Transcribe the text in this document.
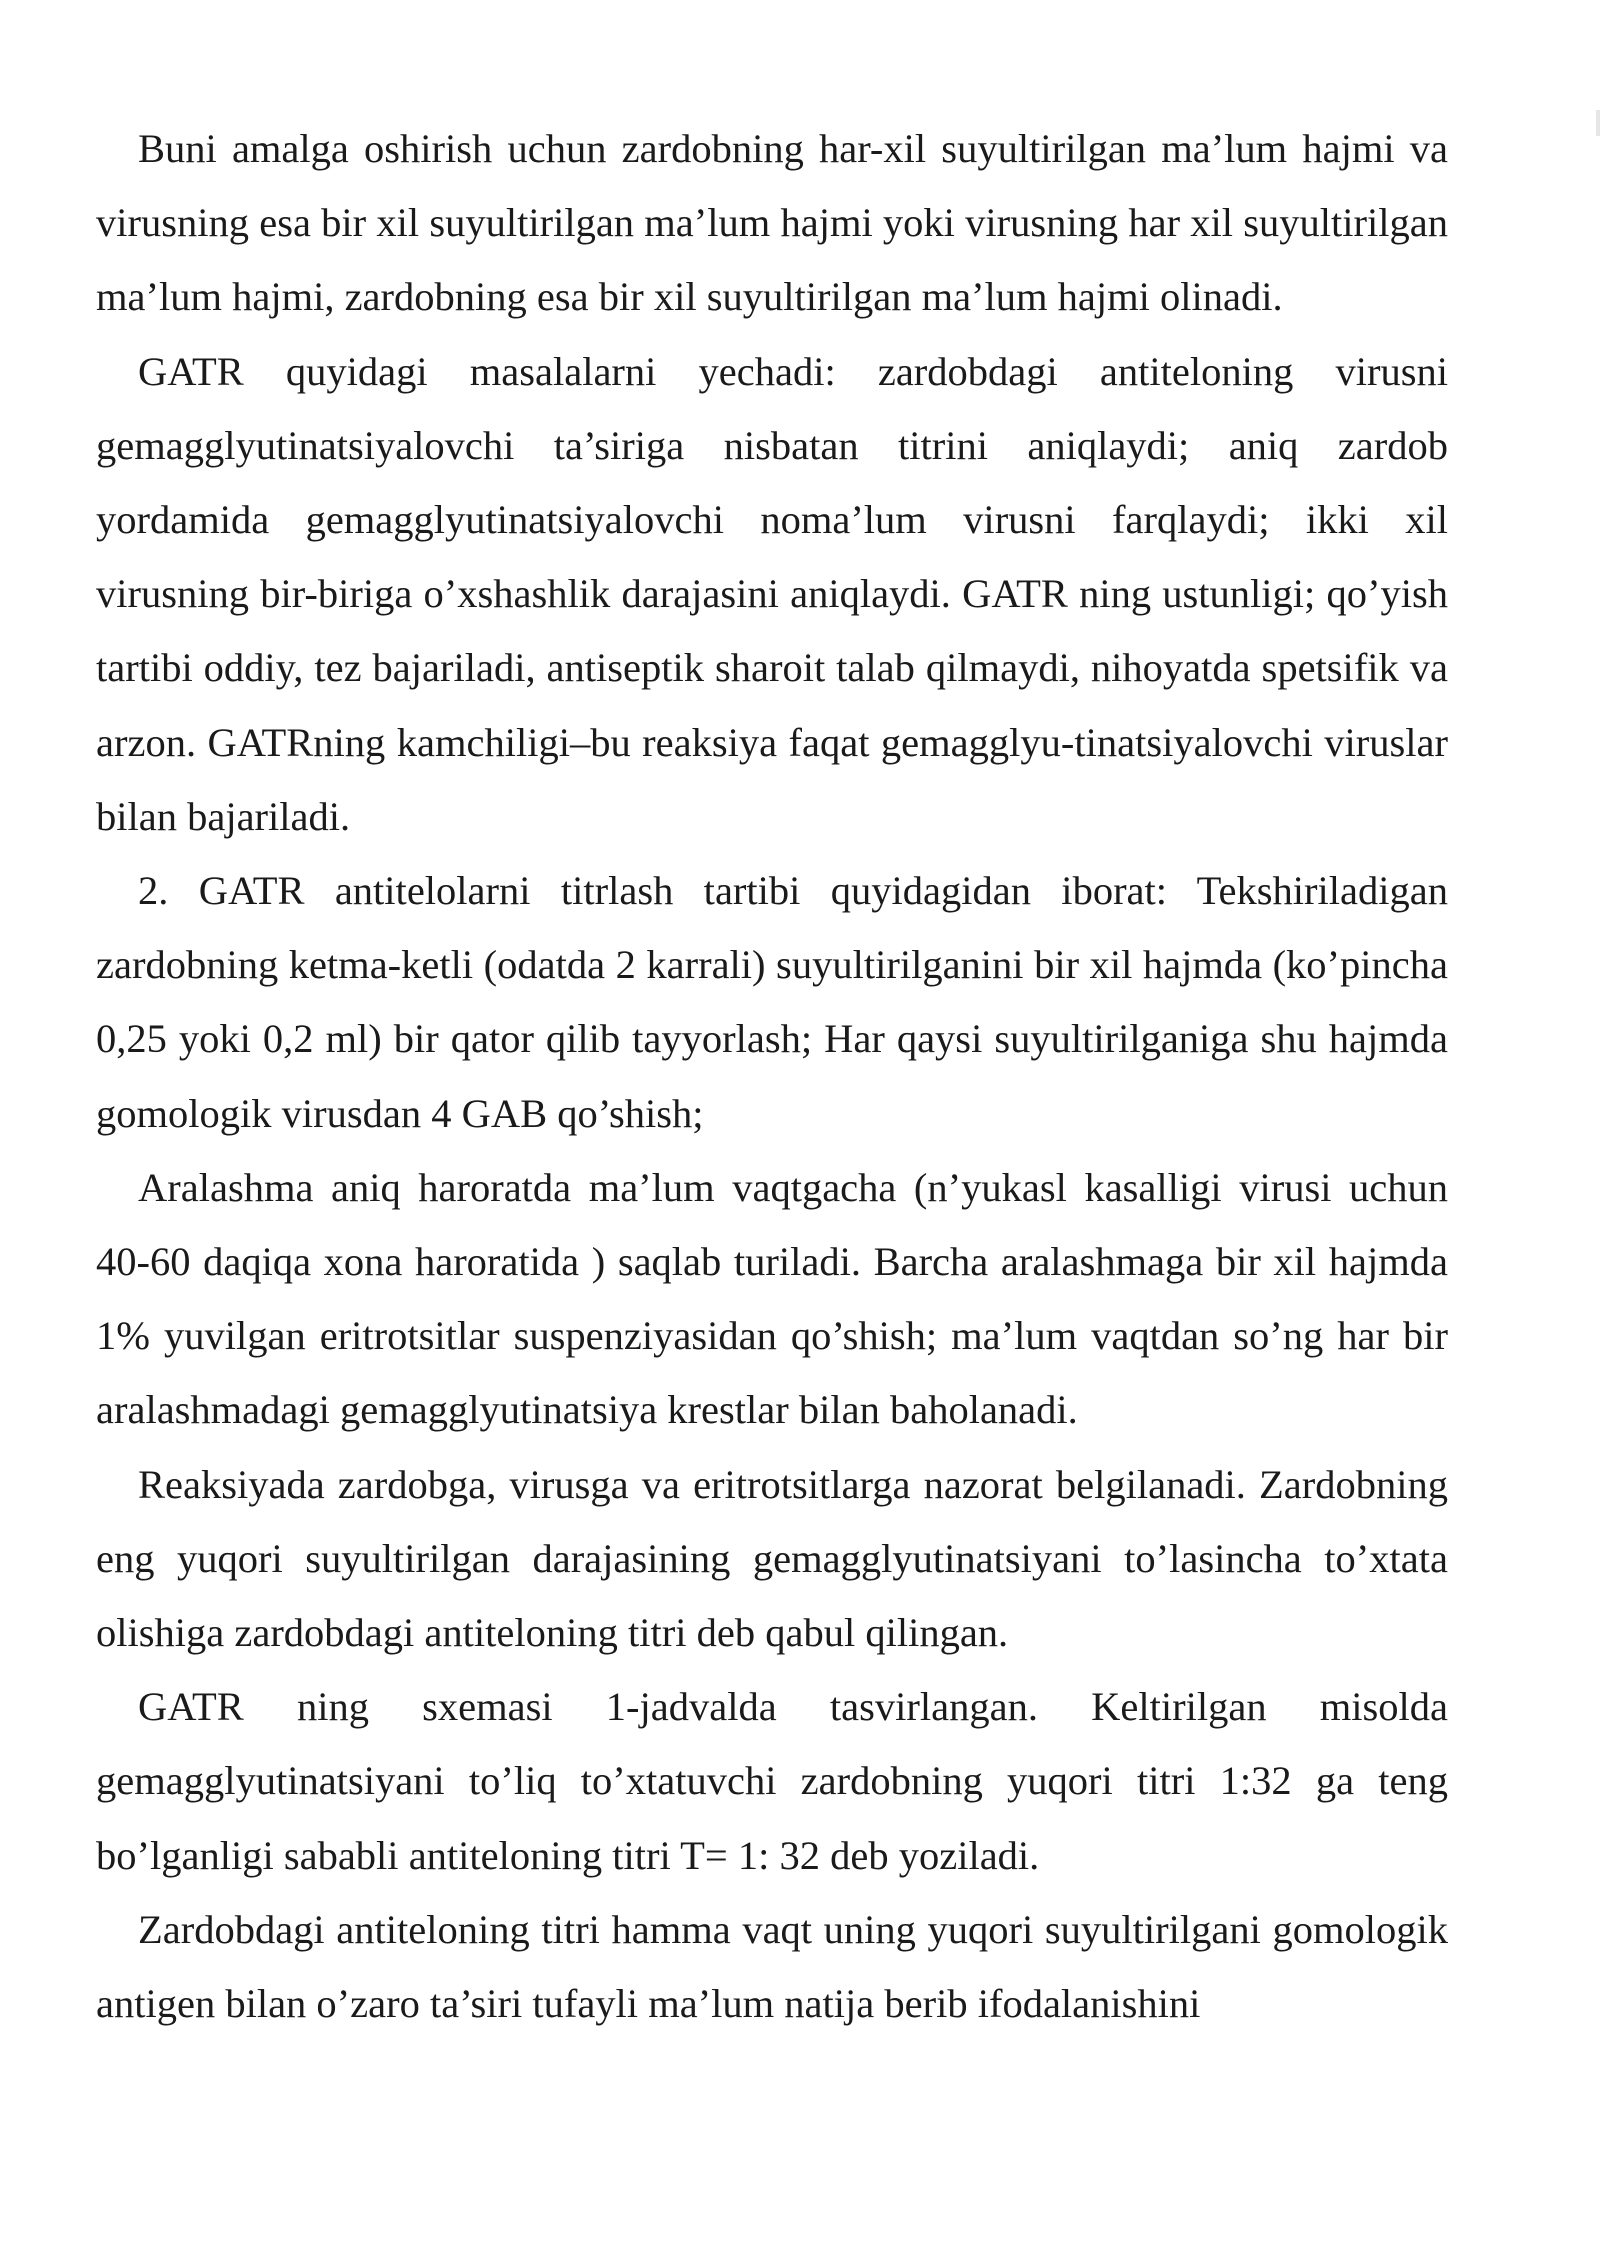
Buni amalga oshirish uchun zardobning har-xil suyultirilgan ma’lum hajmi va virusning esa bir xil suyultirilgan ma’lum hajmi yoki virusning har xil suyultirilgan ma’lum hajmi, zardobning esa bir xil suyultirilgan ma’lum hajmi olinadi.

GATR quyidagi masalalarni yechadi: zardobdagi antiteloning virusni gemagglyutinatsiyalovchi ta’siriga nisbatan titrini aniqlaydi; aniq zardob yordamida gemagglyutinatsiyalovchi noma’lum virusni farqlaydi; ikki xil virusning bir-biriga o’xshashlik darajasini aniqlaydi. GATR ning ustunligi; qo’yish tartibi oddiy, tez bajariladi, antiseptik sharoit talab qilmaydi, nihoyatda spetsifik va arzon. GATRning kamchiligi–bu reaksiya faqat gemagglyu-tinatsiyalovchi viruslar bilan bajariladi.

2. GATR antitelolarni titrlash tartibi quyidagidan iborat: Tekshiriladigan zardobning ketma-ketli (odatda 2 karrali) suyultirilganini bir xil hajmda (ko’pincha 0,25 yoki 0,2 ml) bir qator qilib tayyorlash; Har qaysi suyultirilganiga shu hajmda gomologik virusdan 4 GAB qo’shish;

Aralashma aniq haroratda ma’lum vaqtgacha (n’yukasl kasalligi virusi uchun 40-60 daqiqa xona haroratida ) saqlab turiladi. Barcha aralashmaga bir xil hajmda 1% yuvilgan eritrotsitlar suspenziyasidan qo’shish; ma’lum vaqtdan so’ng har bir aralashmadagi gemagglyutinatsiya krestlar bilan baholanadi.

Reaksiyada zardobga, virusga va eritrotsitlarga nazorat belgilanadi. Zardobning eng yuqori suyultirilgan darajasining gemagglyutinatsiyani to’lasincha to’xtata olishiga zardobdagi antiteloning titri deb qabul qilingan.

GATR ning sxemasi 1-jadvalda tasvirlangan. Keltirilgan misolda gemagglyutinatsiyani to’liq to’xtatuvchi zardobning yuqori titri 1:32 ga teng bo’lganligi sababli antiteloning titri T= 1: 32 deb yoziladi.

Zardobdagi antiteloning titri hamma vaqt uning yuqori suyultirilgani gomologik antigen bilan o’zaro ta’siri tufayli ma’lum natija berib ifodalanishini
